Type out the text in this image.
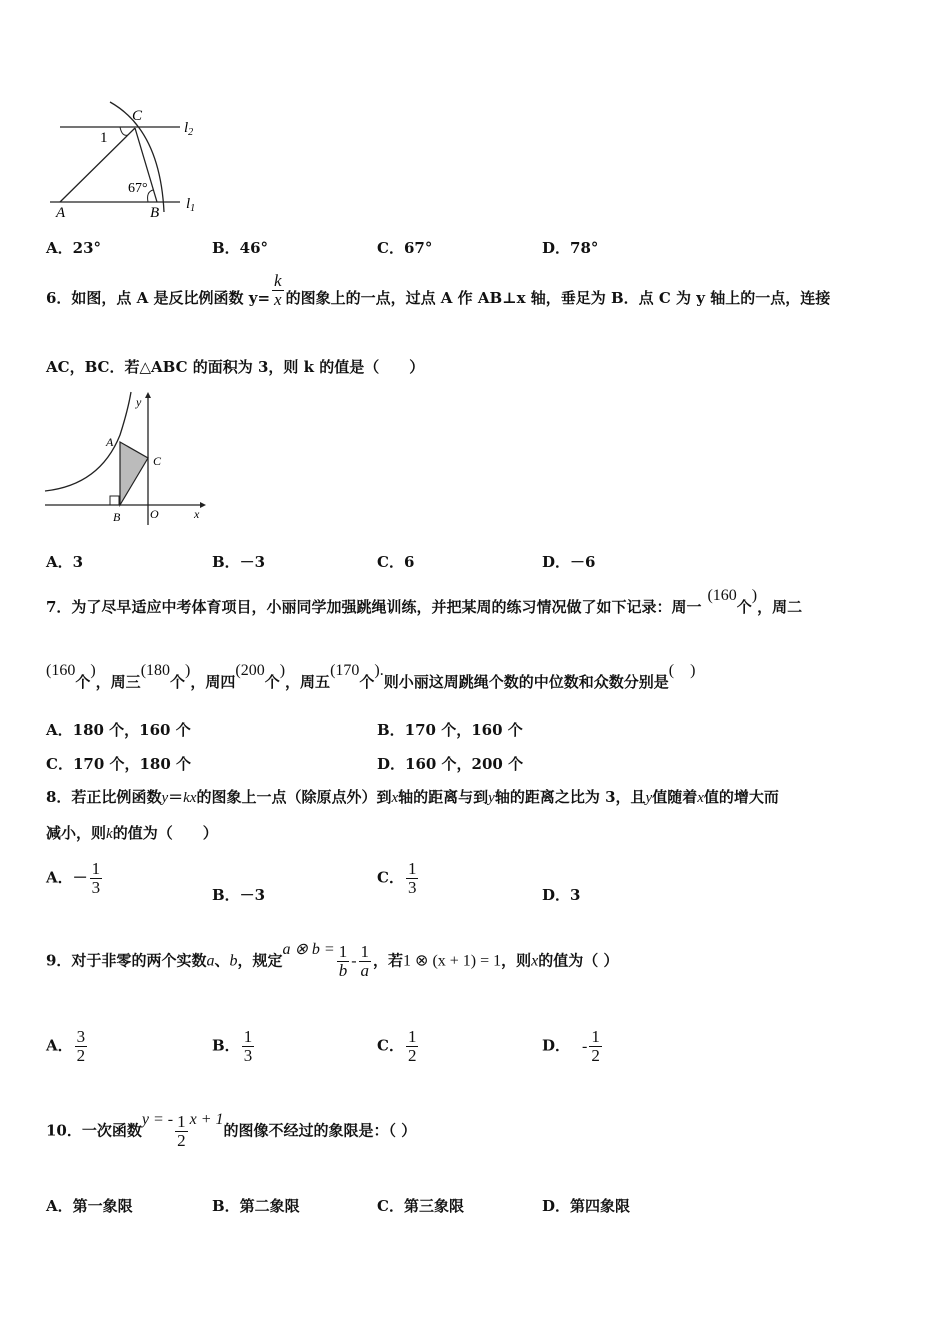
C
$l_2$
1
67°
A	B
$l_1$
A．23°	B．46°	C．67°	D．78°
6．如图，点 A 是反比例函数 $y= \frac{k}{x}$ 的图象上的一点，过点 A 作 AB⊥x 轴，垂足为 B．点 C 为 y 轴上的一点，连接
AC，BC．若△ABC 的面积为 3，则 k 的值是（　　）
y
A
C
B O	x
A．3	B．－3	C．6	D．－6
7．为了尽早适应中考体育项目，小丽同学加强跳绳训练，并把某周的练习情况做了如下记录：周一(160个)，周二
(160个)，周三(180个)，周四(200个)，周五(170个).则小丽这周跳绳个数的中位数和众数分别是(　)
A．180 个，160 个	B．170 个，160 个
C．170 个，180 个	D．160 个，200 个
8．若正比例函数y＝kx的图象上一点（除原点外）到x轴的距离与到y轴的距离之比为 3，且y值随着x值的增大而
减小，则k的值为（　　）
A．－ $\frac{1}{3}$	B．－3
C． $\frac{1}{3}$	D．3
9．对于非零的两个实数a、b，规定a ⊗ $b = \frac{1}{b} - \frac{1}{a}$ ，若1 ⊗ (x + 1) = 1，则x的值为（ ）
A． $\frac{3}{2}$	B． $\frac{1}{3}$	C． $\frac{1}{2}$	D． - $\frac{1}{2}$
10．一次函数y = - $\frac{1}{2}$ x + 1的图像不经过的象限是：（ ）
A．第一象限	B．第二象限	C．第三象限	D．第四象限
